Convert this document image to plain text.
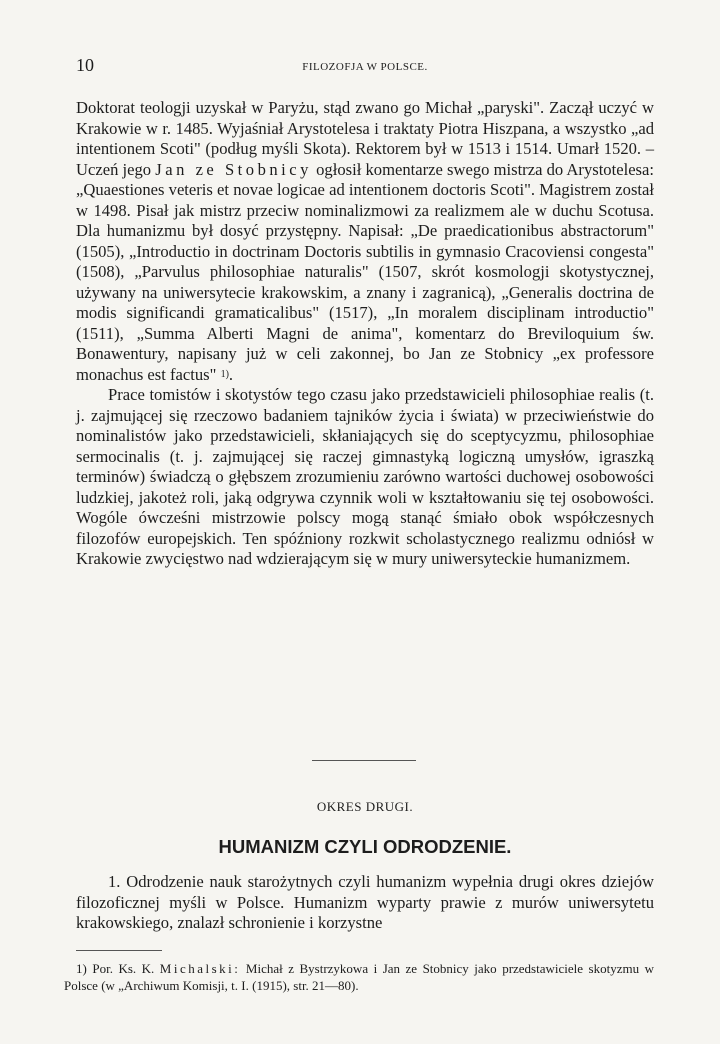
10	FILOZOFJA W POLSCE.

Doktorat teologji uzyskał w Paryżu, stąd zwano go Michał „paryski". Zaczął uczyć w Krakowie w r. 1485. Wyjaśniał Arystotelesa i traktaty Piotra Hiszpana, a wszystko „ad intentionem Scoti" (podług myśli Skota). Rektorem był w 1513 i 1514. Umarł 1520. – Uczeń jego Jan ze Stobnicy ogłosił komentarze swego mistrza do Arystotelesa: „Quaestiones veteris et novae logicae ad intentionem doctoris Scoti". Magistrem został w 1498. Pisał jak mistrz przeciw nominalizmowi za realizmem ale w duchu Scotusa. Dla humanizmu był dosyć przystępny. Napisał: „De praedicationibus abstractorum" (1505), „Introductio in doctrinam Doctoris subtilis in gymnasio Cracoviensi congesta" (1508), „Parvulus philosophiae naturalis" (1507, skrót kosmologji skotystycznej, używany na uniwersytecie krakowskim, a znany i zagranicą), „Generalis doctrina de modis significandi gramaticalibus" (1517), „In moralem disciplinam introductio" (1511), „Summa Alberti Magni de anima", komentarz do Breviloquium św. Bonawentury, napisany już w celi zakonnej, bo Jan ze Stobnicy „ex professore monachus est factus" 1).

Prace tomistów i skotystów tego czasu jako przedstawicieli philosophiae realis (t. j. zajmującej się rzeczowo badaniem tajników życia i świata) w przeciwieństwie do nominalistów jako przedstawicieli, skłaniających się do sceptycyzmu, philosophiae sermocinalis (t. j. zajmującej się raczej gimnastyką logiczną umysłów, igraszką terminów) świadczą o głębszem zrozumieniu zarówno wartości duchowej osobowości ludzkiej, jakoteż roli, jaką odgrywa czynnik woli w kształtowaniu się tej osobowości. Wogóle ówcześni mistrzowie polscy mogą stanąć śmiało obok współczesnych filozofów europejskich. Ten spóźniony rozkwit scholastycznego realizmu odniósł w Krakowie zwycięstwo nad wdzierającym się w mury uniwersyteckie humanizmem.

OKRES DRUGI.
HUMANIZM CZYLI ODRODZENIE.

1. Odrodzenie nauk starożytnych czyli humanizm wypełnia drugi okres dziejów filozoficznej myśli w Polsce. Humanizm wyparty prawie z murów uniwersytetu krakowskiego, znalazł schronienie i korzystne

1) Por. Ks. K. Michalski: Michał z Bystrzykowa i Jan ze Stobnicy jako przedstawiciele skotyzmu w Polsce (w „Archiwum Komisji, t. I. (1915), str. 21—80).
